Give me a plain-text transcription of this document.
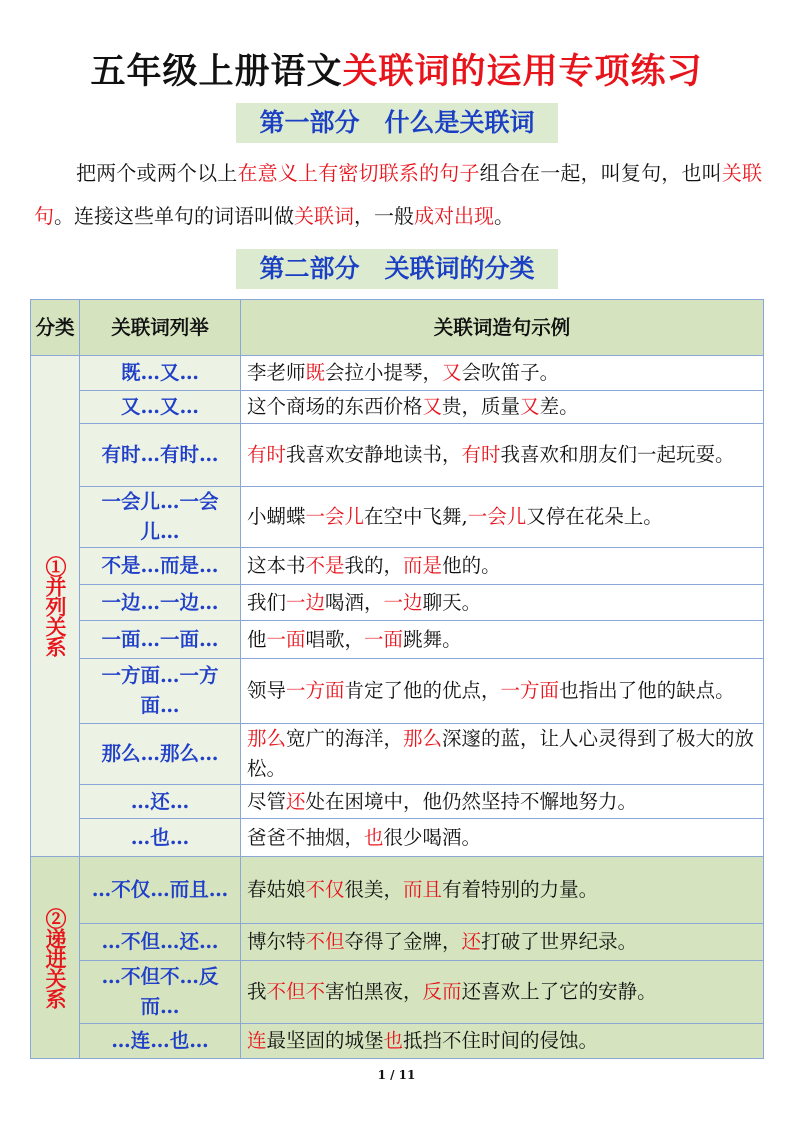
五年级上册语文关联词的运用专项练习
第一部分　什么是关联词
把两个或两个以上在意义上有密切联系的句子组合在一起，叫复句，也叫关联句。连接这些单句的词语叫做关联词，一般成对出现。
第二部分　关联词的分类
分类	关联词列举	关联词造句示例
①并列关系	既…又…	李老师既会拉小提琴，又会吹笛子。
	又…又…	这个商场的东西价格又贵，质量又差。
	有时…有时…	有时我喜欢安静地读书，有时我喜欢和朋友们一起玩耍。
	一会儿…一会儿…	小蝴蝶一会儿在空中飞舞,一会儿又停在花朵上。
	不是…而是…	这本书不是我的，而是他的。
	一边…一边…	我们一边喝酒，一边聊天。
	一面…一面…	他一面唱歌，一面跳舞。
	一方面…一方面…	领导一方面肯定了他的优点，一方面也指出了他的缺点。
	那么…那么…	那么宽广的海洋，那么深邃的蓝，让人心灵得到了极大的放松。
	…还…	尽管还处在困境中，他仍然坚持不懈地努力。
	…也…	爸爸不抽烟，也很少喝酒。
②递进关系	…不仅…而且…	春姑娘不仅很美，而且有着特别的力量。
	…不但…还…	博尔特不但夺得了金牌，还打破了世界纪录。
	…不但不…反而…	我不但不害怕黑夜，反而还喜欢上了它的安静。
	…连…也…	连最坚固的城堡也抵挡不住时间的侵蚀。
1 / 11
